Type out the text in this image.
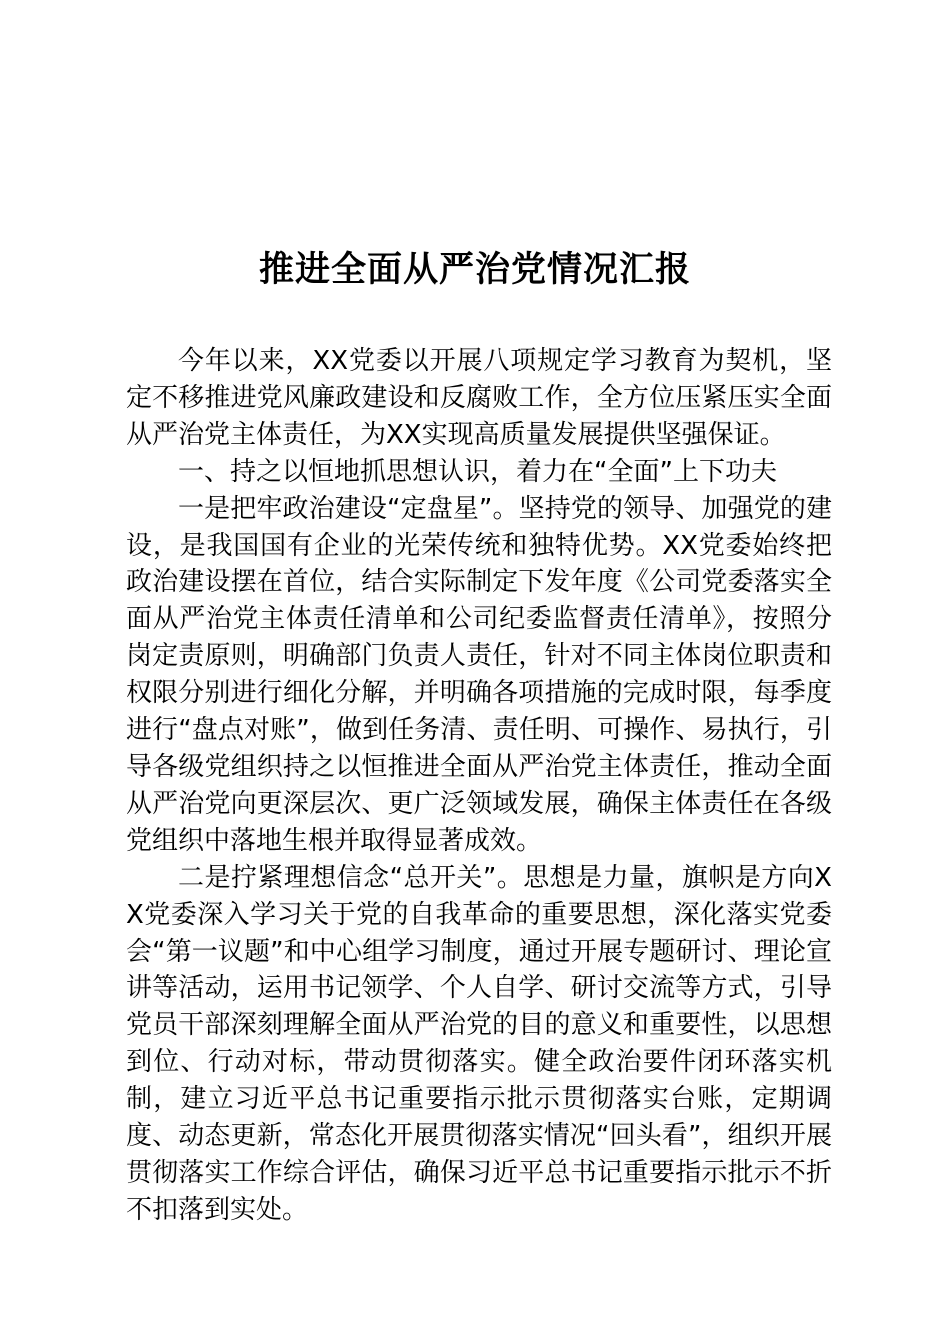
推进全面从严治党情况汇报

今年以来，XX党委以开展八项规定学习教育为契机，坚定不移推进党风廉政建设和反腐败工作，全方位压紧压实全面从严治党主体责任，为XX实现高质量发展提供坚强保证。

一、持之以恒地抓思想认识，着力在“全面”上下功夫

一是把牢政治建设“定盘星”。坚持党的领导、加强党的建设，是我国国有企业的光荣传统和独特优势。XX党委始终把政治建设摆在首位，结合实际制定下发年度《公司党委落实全面从严治党主体责任清单和公司纪委监督责任清单》，按照分岗定责原则，明确部门负责人责任，针对不同主体岗位职责和权限分别进行细化分解，并明确各项措施的完成时限，每季度进行“盘点对账”，做到任务清、责任明、可操作、易执行，引导各级党组织持之以恒推进全面从严治党主体责任，推动全面从严治党向更深层次、更广泛领域发展，确保主体责任在各级党组织中落地生根并取得显著成效。

二是拧紧理想信念“总开关”。思想是力量，旗帜是方向XX党委深入学习关于党的自我革命的重要思想，深化落实党委会“第一议题”和中心组学习制度，通过开展专题研讨、理论宣讲等活动，运用书记领学、个人自学、研讨交流等方式，引导党员干部深刻理解全面从严治党的目的意义和重要性，以思想到位、行动对标，带动贯彻落实。健全政治要件闭环落实机制，建立习近平总书记重要指示批示贯彻落实台账，定期调度、动态更新，常态化开展贯彻落实情况“回头看”，组织开展贯彻落实工作综合评估，确保习近平总书记重要指示批示不折不扣落到实处。
